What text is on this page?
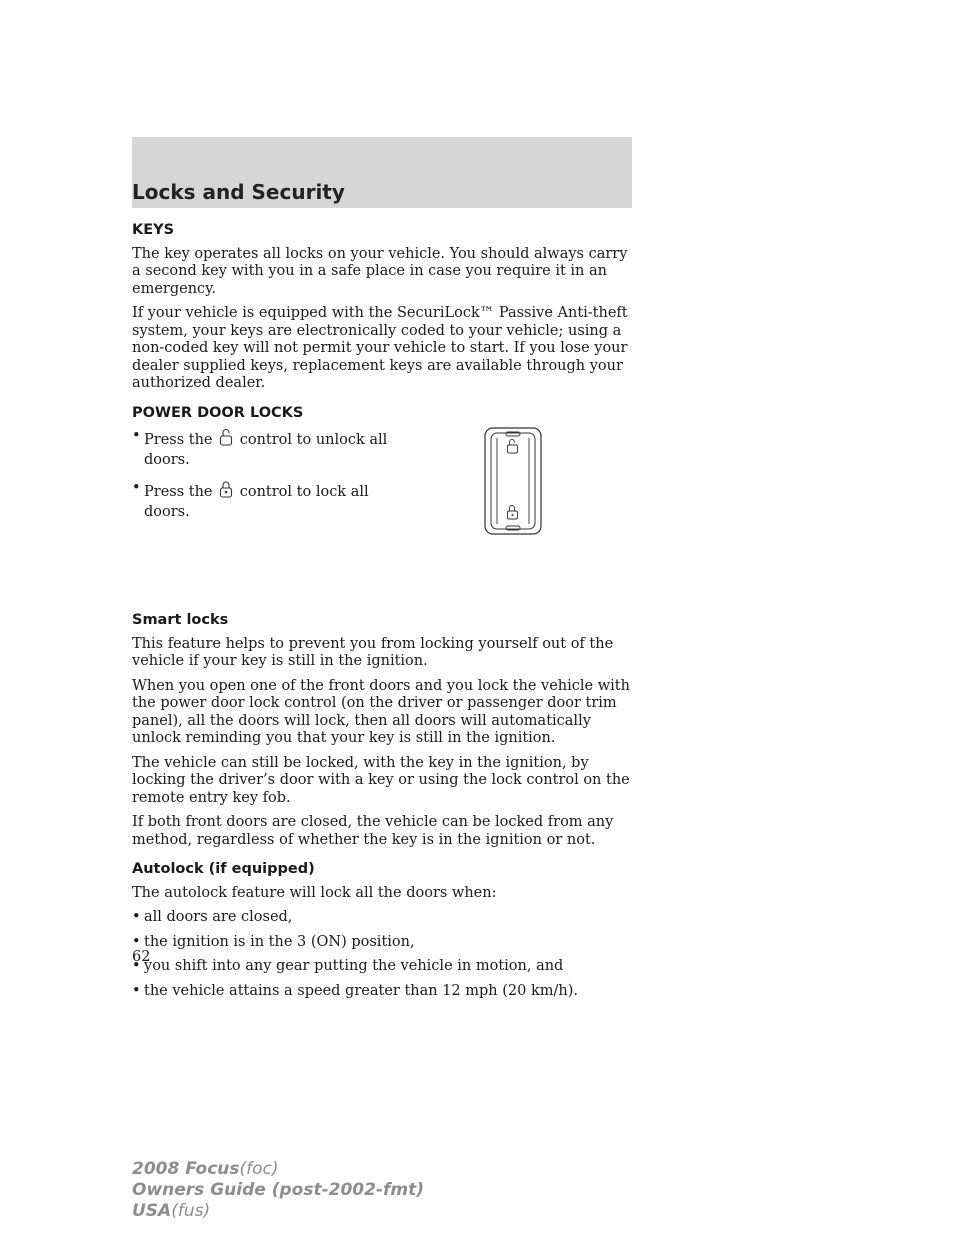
Locks and Security
KEYS

The key operates all locks on your vehicle. You should always carry a second key with you in a safe place in case you require it in an emergency.

If your vehicle is equipped with the SecuriLock™ Passive Anti-theft system, your keys are electronically coded to your vehicle; using a non-coded key will not permit your vehicle to start. If you lose your dealer supplied keys, replacement keys are available through your authorized dealer.

POWER DOOR LOCKS
• Press the control to unlock all doors.
• Press the control to lock all doors.
Smart locks

This feature helps to prevent you from locking yourself out of the vehicle if your key is still in the ignition.

When you open one of the front doors and you lock the vehicle with the power door lock control (on the driver or passenger door trim panel), all the doors will lock, then all doors will automatically unlock reminding you that your key is still in the ignition.

The vehicle can still be locked, with the key in the ignition, by locking the driver’s door with a key or using the lock control on the remote entry key fob.

If both front doors are closed, the vehicle can be locked from any method, regardless of whether the key is in the ignition or not.

Autolock (if equipped)

The autolock feature will lock all the doors when:

• all doors are closed,
• the ignition is in the 3 (ON) position,
• you shift into any gear putting the vehicle in motion, and
• the vehicle attains a speed greater than 12 mph (20 km/h).
62
2008 Focus(foc)
Owners Guide (post-2002-fmt)
USA(fus)
